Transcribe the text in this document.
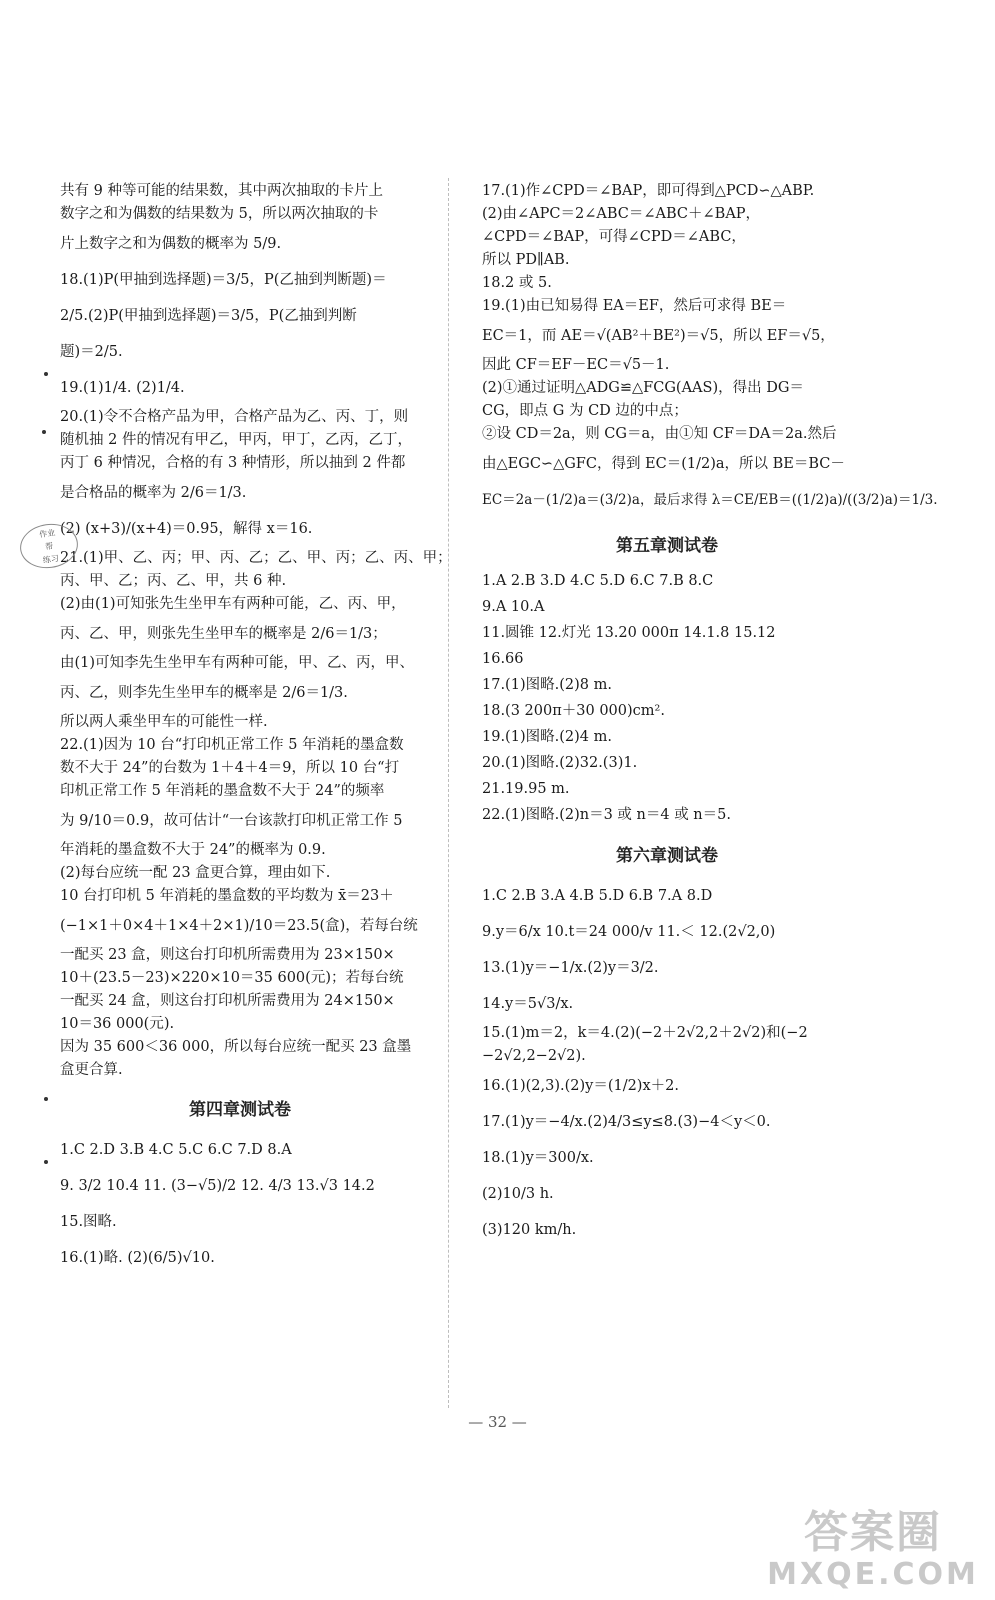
共有 9 种等可能的结果数，其中两次抽取的卡片上
数字之和为偶数的结果数为 5，所以两次抽取的卡
片上数字之和为偶数的概率为 5/9.
18.(1)P(甲抽到选择题)＝3/5，P(乙抽到判断题)＝
2/5.(2)P(甲抽到选择题)＝3/5，P(乙抽到判断
题)＝2/5.
19.(1)1/4. (2)1/4.
20.(1)令不合格产品为甲，合格产品为乙、丙、丁，则
随机抽 2 件的情况有甲乙，甲丙，甲丁，乙丙，乙丁，
丙丁 6 种情况，合格的有 3 种情形，所以抽到 2 件都
是合格品的概率为 2/6＝1/3.
(2) (x+3)/(x+4)＝0.95，解得 x＝16.
21.(1)甲、乙、丙；甲、丙、乙；乙、甲、丙；乙、丙、甲；
丙、甲、乙；丙、乙、甲，共 6 种.
(2)由(1)可知张先生坐甲车有两种可能，乙、丙、甲，
丙、乙、甲，则张先生坐甲车的概率是 2/6＝1/3；
由(1)可知李先生坐甲车有两种可能，甲、乙、丙，甲、
丙、乙，则李先生坐甲车的概率是 2/6＝1/3.
所以两人乘坐甲车的可能性一样.
22.(1)因为 10 台“打印机正常工作 5 年消耗的墨盒数
数不大于 24”的台数为 1＋4＋4＝9，所以 10 台“打
印机正常工作 5 年消耗的墨盒数不大于 24”的频率
为 9/10＝0.9，故可估计“一台该款打印机正常工作 5
年消耗的墨盒数不大于 24”的概率为 0.9.
(2)每台应统一配 23 盒更合算，理由如下.
10 台打印机 5 年消耗的墨盒数的平均数为 x̄＝23＋
(−1×1＋0×4＋1×4＋2×1)/10＝23.5(盒)，若每台统
一配买 23 盒，则这台打印机所需费用为 23×150×
10＋(23.5－23)×220×10＝35 600(元)；若每台统
一配买 24 盒，则这台打印机所需费用为 24×150×
10＝36 000(元).
因为 35 600＜36 000，所以每台应统一配买 23 盒墨
盒更合算.
第四章测试卷
1.C 2.D 3.B 4.C 5.C 6.C 7.D 8.A
9. 3/2 10.4 11. (3−√5)/2 12. 4/3 13.√3 14.2
15.图略.
16.(1)略. (2)(6/5)√10.
17.(1)作∠CPD＝∠BAP，即可得到△PCD∽△ABP.
(2)由∠APC＝2∠ABC＝∠ABC＋∠BAP，
∠CPD＝∠BAP，可得∠CPD＝∠ABC，
所以 PD∥AB.
18.2 或 5.
19.(1)由已知易得 EA＝EF，然后可求得 BE＝
EC＝1，而 AE＝√(AB²＋BE²)＝√5，所以 EF＝√5，
因此 CF＝EF－EC＝√5－1.
(2)①通过证明△ADG≌△FCG(AAS)，得出 DG＝
CG，即点 G 为 CD 边的中点；
②设 CD＝2a，则 CG＝a，由①知 CF＝DA＝2a.然后
由△EGC∽△GFC，得到 EC＝(1/2)a，所以 BE＝BC－
EC＝2a－(1/2)a＝(3/2)a，最后求得 λ＝CE/EB＝((1/2)a)/((3/2)a)＝1/3.
第五章测试卷
1.A 2.B 3.D 4.C 5.D 6.C 7.B 8.C
9.A 10.A
11.圆锥 12.灯光 13.20 000π 14.1.8 15.12
16.66
17.(1)图略.(2)8 m.
18.(3 200π＋30 000)cm².
19.(1)图略.(2)4 m.
20.(1)图略.(2)32.(3)1.
21.19.95 m.
22.(1)图略.(2)n＝3 或 n＝4 或 n＝5.
第六章测试卷
1.C 2.B 3.A 4.B 5.D 6.B 7.A 8.D
9.y＝6/x 10.t＝24 000/v 11.＜ 12.(2√2,0)
13.(1)y＝−1/x.(2)y＝3/2.
14.y＝5√3/x.
15.(1)m＝2，k＝4.(2)(−2＋2√2,2＋2√2)和(−2
−2√2,2−2√2).
16.(1)(2,3).(2)y＝(1/2)x＋2.
17.(1)y＝−4/x.(2)4/3≤y≤8.(3)−4＜y＜0.
18.(1)y＝300/x.
(2)10/3 h.
(3)120 km/h.
作业
帮
练习
— 32 —
答案圈
MXQE.COM
